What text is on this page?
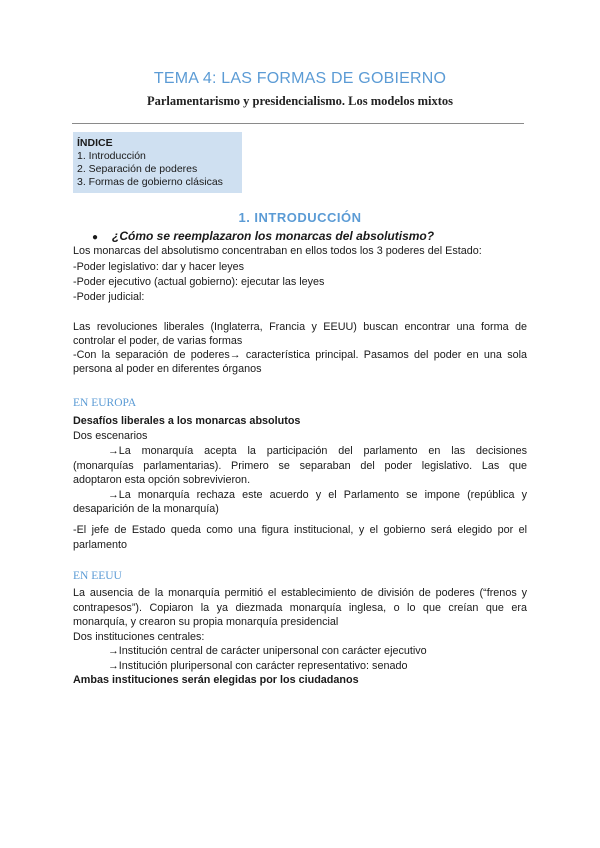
TEMA 4: LAS FORMAS DE GOBIERNO
Parlamentarismo y presidencialismo. Los modelos mixtos
ÍNDICE
1. Introducción
2. Separación de poderes
3. Formas de gobierno clásicas
1. INTRODUCCIÓN
● ¿Cómo se reemplazaron los monarcas del absolutismo?
Los monarcas del absolutismo concentraban en ellos todos los 3 poderes del Estado:
-Poder legislativo: dar y hacer leyes
-Poder ejecutivo (actual gobierno): ejecutar las leyes
-Poder judicial:
Las revoluciones liberales (Inglaterra, Francia y EEUU) buscan encontrar una forma de
controlar el poder, de varias formas
-Con la separación de poderes→ característica principal. Pasamos del poder en una sola
persona al poder en diferentes órganos
EN EUROPA
Desafíos liberales a los monarcas absolutos
Dos escenarios
→La monarquía acepta la participación del parlamento en las decisiones
(monarquías parlamentarias). Primero se separaban del poder legislativo. Las que
adoptaron esta opción sobrevivieron.
→La monarquía rechaza este acuerdo y el Parlamento se impone (república y
desaparición de la monarquía)
-El jefe de Estado queda como una figura institucional, y el gobierno será elegido por el
parlamento
EN EEUU
La ausencia de la monarquía permitió el establecimiento de división de poderes (“frenos y
contrapesos”). Copiaron la ya diezmada monarquía inglesa, o lo que creían que era
monarquía, y crearon su propia monarquía presidencial
Dos instituciones centrales:
→Institución central de carácter unipersonal con carácter ejecutivo
→Institución pluripersonal con carácter representativo: senado
Ambas instituciones serán elegidas por los ciudadanos
